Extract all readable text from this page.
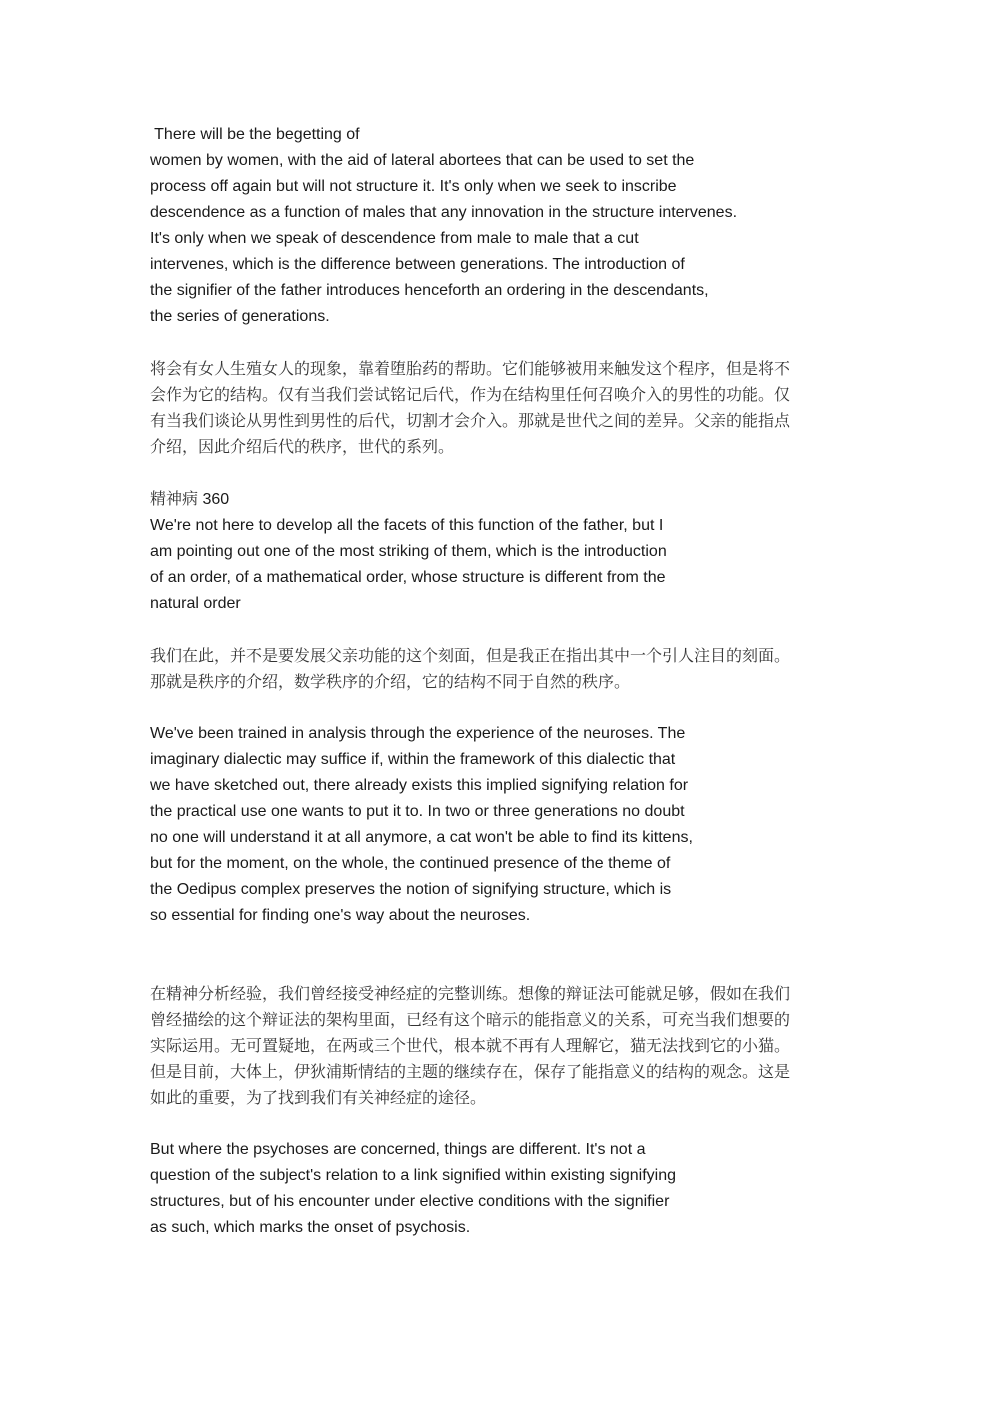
There will be the begetting of
women by women, with the aid of lateral abortees that can be used to set the
process off again but will not structure it. It's only when we seek to inscribe
descendence as a function of males that any innovation in the structure intervenes.
It's only when we speak of descendence from male to male that a cut
intervenes, which is the difference between generations. The introduction of
the signifier of the father introduces henceforth an ordering in the descendants,
the series of generations.
将会有女人生殖女人的现象，靠着堕胎药的帮助。它们能够被用来触发这个程序，但是将不
会作为它的结构。仅有当我们尝试铭记后代，作为在结构里任何召唤介入的男性的功能。仅
有当我们谈论从男性到男性的后代，切割才会介入。那就是世代之间的差异。父亲的能指点
介绍，因此介绍后代的秩序，世代的系列。
精神病 360
We're not here to develop all the facets of this function of the father, but I
am pointing out one of the most striking of them, which is the introduction
of an order, of a mathematical order, whose structure is different from the
natural order
我们在此，并不是要发展父亲功能的这个刻面，但是我正在指出其中一个引人注目的刻面。
那就是秩序的介绍，数学秩序的介绍，它的结构不同于自然的秩序。
We've been trained in analysis through the experience of the neuroses. The
imaginary dialectic may suffice if, within the framework of this dialectic that
we have sketched out, there already exists this implied signifying relation for
the practical use one wants to put it to. In two or three generations no doubt
no one will understand it at all anymore, a cat won't be able to find its kittens,
but for the moment, on the whole, the continued presence of the theme of
the Oedipus complex preserves the notion of signifying structure, which is
so essential for finding one's way about the neuroses.
在精神分析经验，我们曾经接受神经症的完整训练。想像的辩证法可能就足够，假如在我们
曾经描绘的这个辩证法的架构里面，已经有这个暗示的能指意义的关系，可充当我们想要的
实际运用。无可置疑地，在两或三个世代，根本就不再有人理解它，猫无法找到它的小猫。
但是目前，大体上，伊狄浦斯情结的主题的继续存在，保存了能指意义的结构的观念。这是
如此的重要，为了找到我们有关神经症的途径。
But where the psychoses are concerned, things are different. It's not a
question of the subject's relation to a link signified within existing signifying
structures, but of his encounter under elective conditions with the signifier
as such, which marks the onset of psychosis.
